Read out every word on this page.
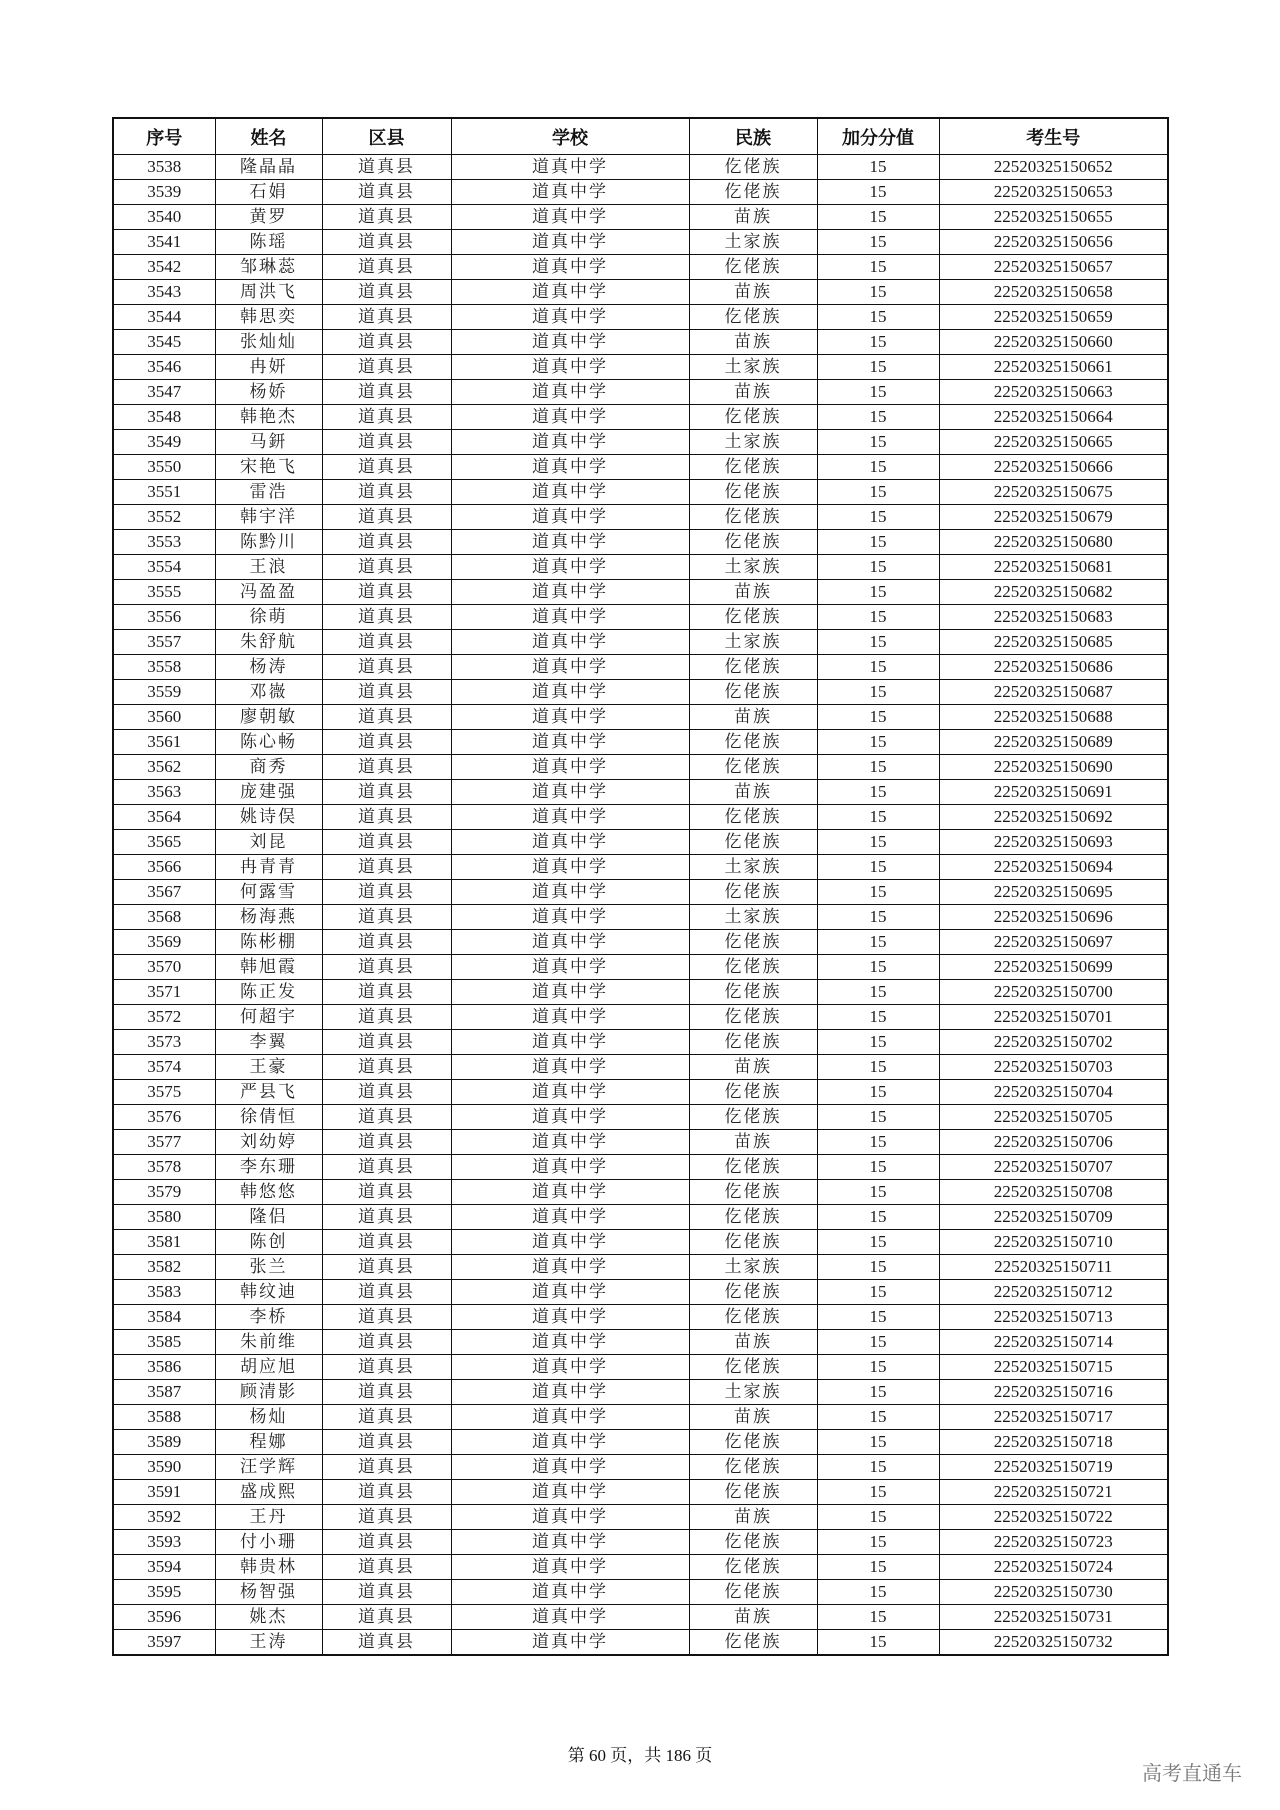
序号	姓名	区县	学校	民族	加分分值	考生号
3538	隆晶晶	道真县	道真中学	仡佬族	15	22520325150652
3539	石娟	道真县	道真中学	仡佬族	15	22520325150653
3540	黄罗	道真县	道真中学	苗族	15	22520325150655
3541	陈瑶	道真县	道真中学	土家族	15	22520325150656
3542	邹琳蕊	道真县	道真中学	仡佬族	15	22520325150657
3543	周洪飞	道真县	道真中学	苗族	15	22520325150658
3544	韩思奕	道真县	道真中学	仡佬族	15	22520325150659
3545	张灿灿	道真县	道真中学	苗族	15	22520325150660
3546	冉妍	道真县	道真中学	土家族	15	22520325150661
3547	杨娇	道真县	道真中学	苗族	15	22520325150663
3548	韩艳杰	道真县	道真中学	仡佬族	15	22520325150664
3549	马鈃	道真县	道真中学	土家族	15	22520325150665
3550	宋艳飞	道真县	道真中学	仡佬族	15	22520325150666
3551	雷浩	道真县	道真中学	仡佬族	15	22520325150675
3552	韩宇洋	道真县	道真中学	仡佬族	15	22520325150679
3553	陈黔川	道真县	道真中学	仡佬族	15	22520325150680
3554	王浪	道真县	道真中学	土家族	15	22520325150681
3555	冯盈盈	道真县	道真中学	苗族	15	22520325150682
3556	徐萌	道真县	道真中学	仡佬族	15	22520325150683
3557	朱舒航	道真县	道真中学	土家族	15	22520325150685
3558	杨涛	道真县	道真中学	仡佬族	15	22520325150686
3559	邓嶶	道真县	道真中学	仡佬族	15	22520325150687
3560	廖朝敏	道真县	道真中学	苗族	15	22520325150688
3561	陈心畅	道真县	道真中学	仡佬族	15	22520325150689
3562	商秀	道真县	道真中学	仡佬族	15	22520325150690
3563	庞建强	道真县	道真中学	苗族	15	22520325150691
3564	姚诗俣	道真县	道真中学	仡佬族	15	22520325150692
3565	刘昆	道真县	道真中学	仡佬族	15	22520325150693
3566	冉青青	道真县	道真中学	土家族	15	22520325150694
3567	何露雪	道真县	道真中学	仡佬族	15	22520325150695
3568	杨海燕	道真县	道真中学	土家族	15	22520325150696
3569	陈彬棚	道真县	道真中学	仡佬族	15	22520325150697
3570	韩旭霞	道真县	道真中学	仡佬族	15	22520325150699
3571	陈正发	道真县	道真中学	仡佬族	15	22520325150700
3572	何超宇	道真县	道真中学	仡佬族	15	22520325150701
3573	李翼	道真县	道真中学	仡佬族	15	22520325150702
3574	王豪	道真县	道真中学	苗族	15	22520325150703
3575	严县飞	道真县	道真中学	仡佬族	15	22520325150704
3576	徐倩恒	道真县	道真中学	仡佬族	15	22520325150705
3577	刘幼婷	道真县	道真中学	苗族	15	22520325150706
3578	李东珊	道真县	道真中学	仡佬族	15	22520325150707
3579	韩悠悠	道真县	道真中学	仡佬族	15	22520325150708
3580	隆侣	道真县	道真中学	仡佬族	15	22520325150709
3581	陈创	道真县	道真中学	仡佬族	15	22520325150710
3582	张兰	道真县	道真中学	土家族	15	22520325150711
3583	韩纹迪	道真县	道真中学	仡佬族	15	22520325150712
3584	李桥	道真县	道真中学	仡佬族	15	22520325150713
3585	朱前维	道真县	道真中学	苗族	15	22520325150714
3586	胡应旭	道真县	道真中学	仡佬族	15	22520325150715
3587	顾清影	道真县	道真中学	土家族	15	22520325150716
3588	杨灿	道真县	道真中学	苗族	15	22520325150717
3589	程娜	道真县	道真中学	仡佬族	15	22520325150718
3590	汪学辉	道真县	道真中学	仡佬族	15	22520325150719
3591	盛成熙	道真县	道真中学	仡佬族	15	22520325150721
3592	王丹	道真县	道真中学	苗族	15	22520325150722
3593	付小珊	道真县	道真中学	仡佬族	15	22520325150723
3594	韩贵林	道真县	道真中学	仡佬族	15	22520325150724
3595	杨智强	道真县	道真中学	仡佬族	15	22520325150730
3596	姚杰	道真县	道真中学	苗族	15	22520325150731
3597	王涛	道真县	道真中学	仡佬族	15	22520325150732
第 60 页，共 186 页
高考直通车
